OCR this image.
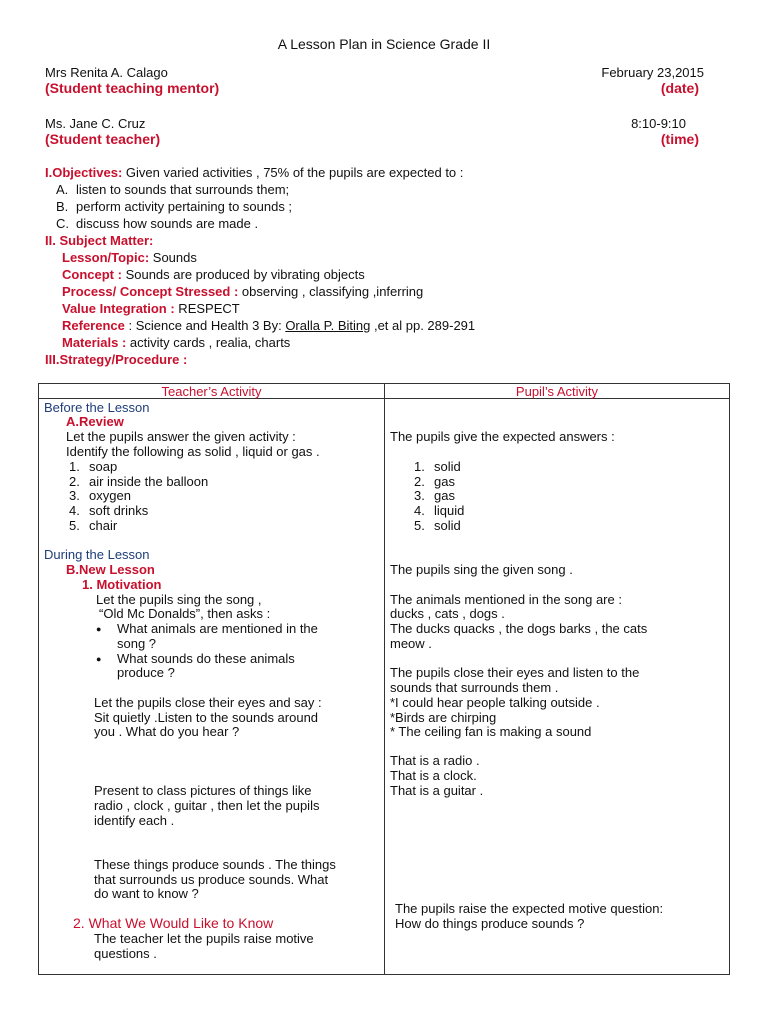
A Lesson Plan in Science Grade II
Mrs Renita A. Calago
(Student teaching mentor)
February 23,2015
(date)
Ms. Jane C. Cruz
(Student teacher)
8:10-9:10
(time)
I.Objectives: Given varied activities , 75% of the pupils are expected to :
A. listen to sounds that surrounds them;
B. perform activity pertaining to sounds ;
C. discuss how sounds are made .
II. Subject Matter:
Lesson/Topic: Sounds
Concept : Sounds are produced by vibrating objects
Process/ Concept Stressed : observing , classifying ,inferring
Value Integration : RESPECT
Reference : Science and Health 3 By: Oralla P. Biting ,et al pp. 289-291
Materials : activity cards , realia, charts
III.Strategy/Procedure :
Teacher’s Activity	Pupil’s Activity
Before the Lesson
A.Review
Let the pupils answer the given activity :
Identify the following as solid , liquid or gas .
1. soap
2. air inside the balloon
3. oxygen
4. soft drinks
5. chair
During the Lesson
B.New Lesson
1. Motivation
Let the pupils sing the song ,
“Old Mc Donalds”, then asks :
● What animals are mentioned in the
song ?
● What sounds do these animals
produce ?
Let the pupils close their eyes and say :
Sit quietly .Listen to the sounds around
you . What do you hear ?
Present to class pictures of things like
radio , clock , guitar , then let the pupils
identify each .
These things produce sounds . The things
that surrounds us produce sounds. What
do want to know ?
2. What We Would Like to Know
The teacher let the pupils raise motive
questions .
The pupils give the expected answers :
1. solid
2. gas
3. gas
4. liquid
5. solid
The pupils sing the given song .
The animals mentioned in the song are :
ducks , cats , dogs .
The ducks quacks , the dogs barks , the cats
meow .
The pupils close their eyes and listen to the
sounds that surrounds them .
*I could hear people talking outside .
*Birds are chirping
* The ceiling fan is making a sound
That is a radio .
That is a clock.
That is a guitar .
The pupils raise the expected motive question:
How do things produce sounds ?
